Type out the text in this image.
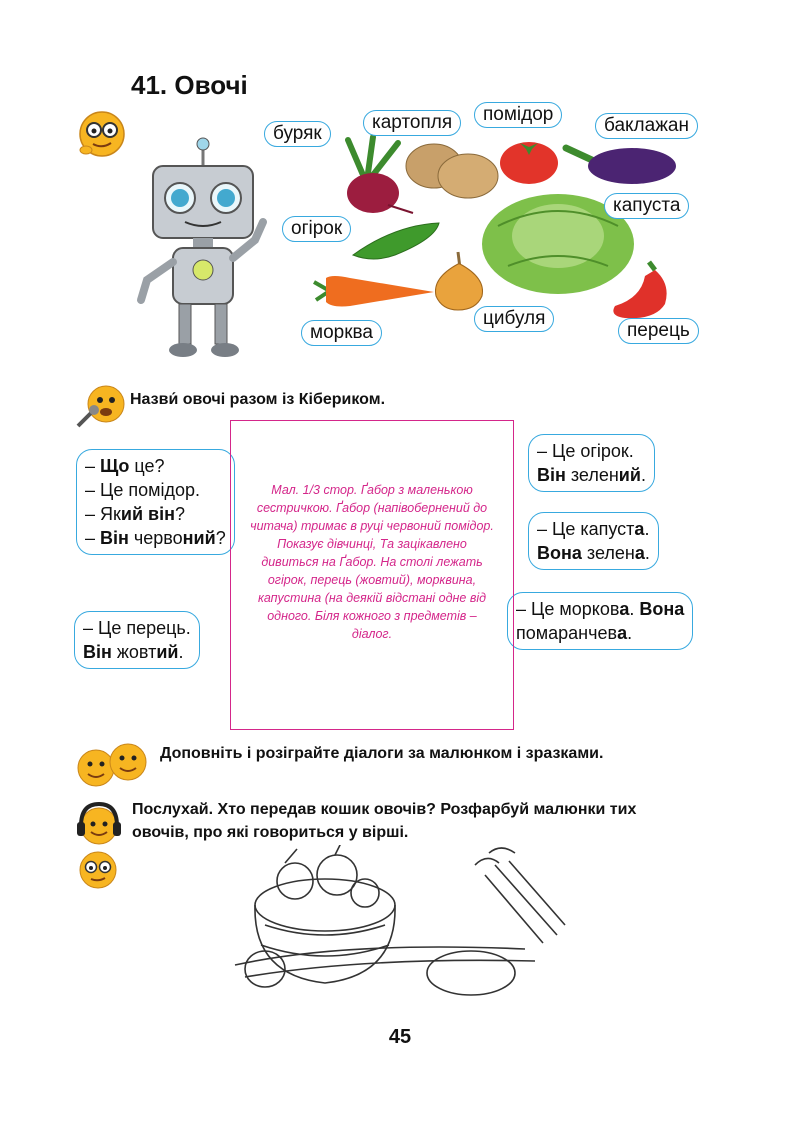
41. Овочі
буряк
картопля	помідор
баклажан
огірок
капуста
морква
цибуля
перець
Назви́ овочі разом із Кібериком.
– Що це?
– Це помідор.
– Який він?
– Він червоний?
– Це перець.
Він жовтий.
– Це огірок.
Він зелений.
– Це капуста.
Вона зелена.
– Це моркова. Вона
помаранчева.
Мал. 1/3 стор. Ґабор з маленькою сестричкою. Ґабор (напівобернений до читача) тримає в руці червоний помідор. Показує дівчинці, Та зацікавлено дивиться на Ґабор. На столі лежать огірок, перець (жовтий), морквина, капустина (на деякій відстані одне від одного. Біля кожного з предметів – діалог.
Доповніть і розіграйте діалоги за малюнком і зразками.
Послухай. Хто передав кошик овочів? Розфарбуй малюнки тих
овочів, про які говориться у вірші.
45
